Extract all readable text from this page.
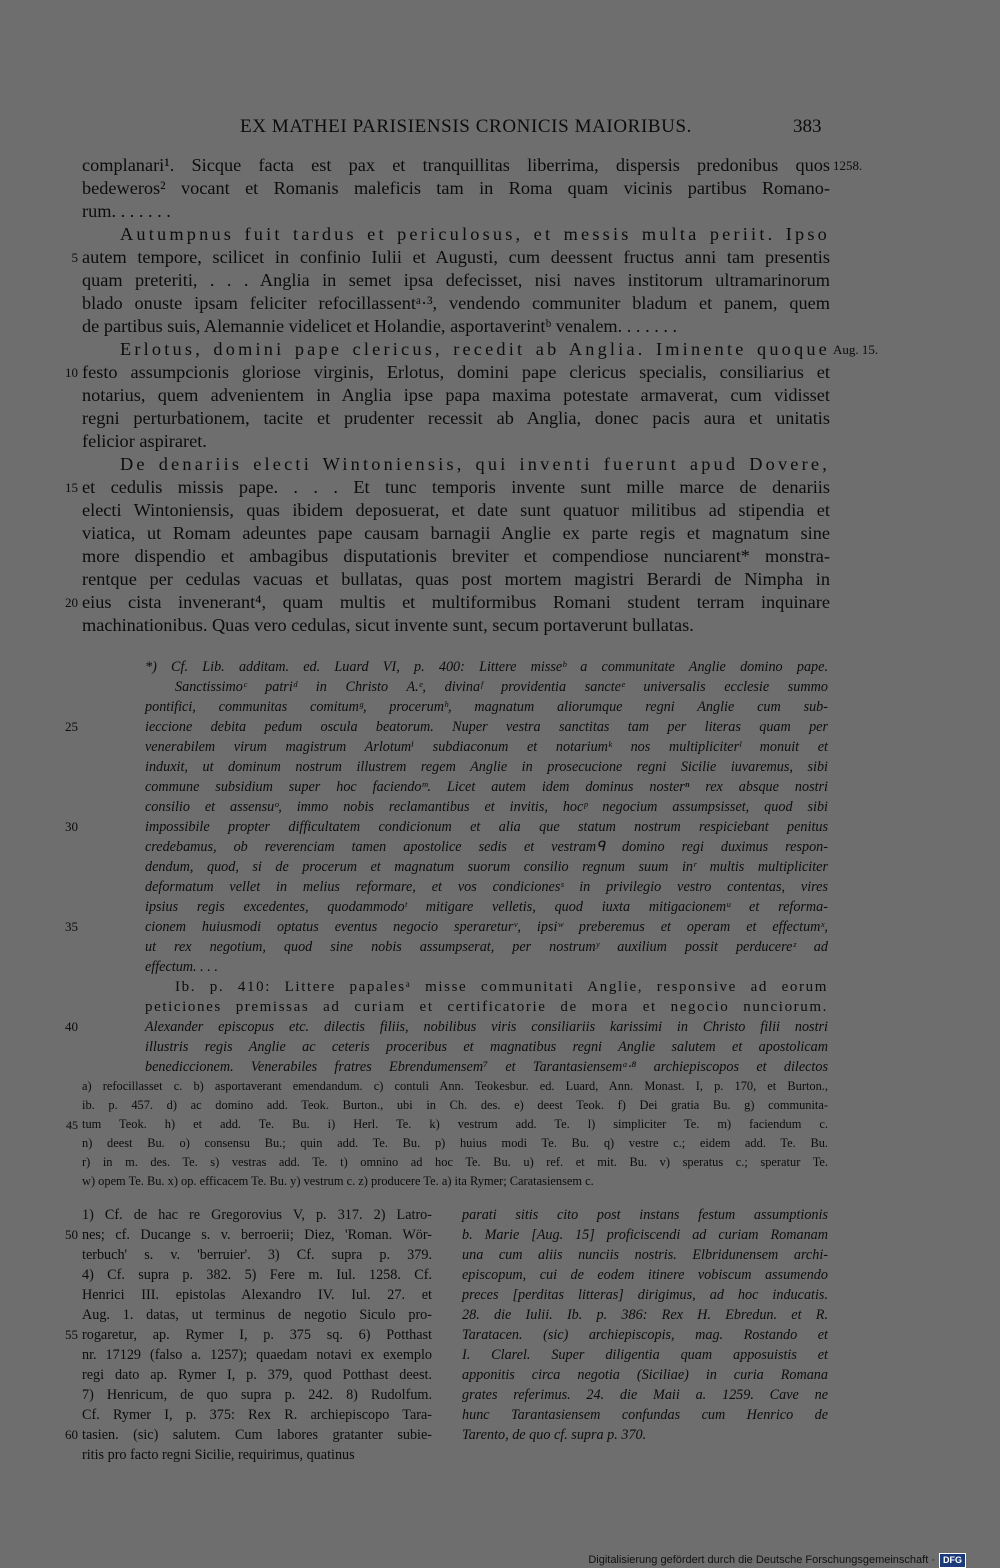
EX MATHEI PARISIENSIS CRONICIS MAIORIBUS.	383
complanari¹. Sicque facta est pax et tranquillitas liberrima, dispersis predonibus quos
bedeweros² vocant et Romanis maleficis tam in Roma quam vicinis partibus Romano-
rum. . . . . . .
Autumpnus fuit tardus et periculosus, et messis multa periit. Ipso
autem tempore, scilicet in confinio Iulii et Augusti, cum deessent fructus anni tam presentis
quam preteriti, . . . Anglia in semet ipsa defecisset, nisi naves institorum ultramarinorum
blado onuste ipsam feliciter refocillassentᵃ·³, vendendo communiter bladum et panem, quem
de partibus suis, Alemannie videlicet et Holandie, asportaverintᵇ venalem. . . . . . .
Erlotus, domini pape clericus, recedit ab Anglia. Iminente quoque
festo assumpcionis gloriose virginis, Erlotus, domini pape clericus specialis, consiliarius et
notarius, quem advenientem in Anglia ipse papa maxima potestate armaverat, cum vidisset
regni perturbationem, tacite et prudenter recessit ab Anglia, donec pacis aura et unitatis
felicior aspiraret.
De denariis electi Wintoniensis, qui inventi fuerunt apud Dovere,
et cedulis missis pape. . . . Et tunc temporis invente sunt mille marce de denariis
electi Wintoniensis, quas ibidem deposuerat, et date sunt quatuor militibus ad stipendia et
viatica, ut Romam adeuntes pape causam barnagii Anglie ex parte regis et magnatum sine
more dispendio et ambagibus disputationis breviter et compendiose nunciarent* monstra-
rentque per cedulas vacuas et bullatas, quas post mortem magistri Berardi de Nimpha in
eius cista invenerant⁴, quam multis et multiformibus Romani student terram inquinare
machinationibus. Quas vero cedulas, sicut invente sunt, secum portaverunt bullatas.
5
10
15
20
1258.
Aug. 15.
*) Cf. Lib. additam. ed. Luard VI, p. 400: Littere misseᵇ a communitate Anglie domino pape.
Sanctissimoᶜ patriᵈ in Christo A.ᵉ, divinaᶠ providentia sancteᵉ universalis ecclesie summo
pontifici, communitas comitumᵍ, procerumʰ, magnatum aliorumque regni Anglie cum sub-
ieccione debita pedum oscula beatorum. Nuper vestra sanctitas tam per literas quam per
venerabilem virum magistrum Arlotumⁱ subdiaconum et notariumᵏ nos multipliciterˡ monuit et
induxit, ut dominum nostrum illustrem regem Anglie in prosecucione regni Sicilie iuvaremus, sibi
commune subsidium super hoc faciendoᵐ. Licet autem idem dominus nosterⁿ rex absque nostri
consilio et assensuᵒ, immo nobis reclamantibus et invitis, hocᵖ negocium assumpsisset, quod sibi
impossibile propter difficultatem condicionum et alia que statum nostrum respiciebant penitus
credebamus, ob reverenciam tamen apostolice sedis et vestramᑫ domino regi duximus respon-
dendum, quod, si de procerum et magnatum suorum consilio regnum suum inʳ multis multipliciter
deformatum vellet in melius reformare, et vos condicionesˢ in privilegio vestro contentas, vires
ipsius regis excedentes, quodammodoᵗ mitigare velletis, quod iuxta mitigacionemᵘ et reforma-
cionem huiusmodi optatus eventus negocio sperareturᵛ, ipsiʷ preberemus et operam et effectumˣ,
ut rex negotium, quod sine nobis assumpserat, per nostrumʸ auxilium possit perducereᶻ ad
effectum. . . .
Ib. p. 410: Littere papalesᵃ misse communitati Anglie, responsive ad eorum
peticiones premissas ad curiam et certificatorie de mora et negocio nunciorum.
Alexander episcopus etc. dilectis filiis, nobilibus viris consiliariis karissimi in Christo filii nostri
illustris regis Anglie ac ceteris proceribus et magnatibus regni Anglie salutem et apostolicam
benediccionem. Venerabiles fratres Ebrendumensem⁷ et Tarantasiensemᵃ·⁸ archiepiscopos et dilectos
25
30
35
40
a) refocillasset c. b) asportaverant emendandum. c) contuli Ann. Teokesbur. ed. Luard, Ann. Monast. I, p. 170, et Burton.,
ib. p. 457. d) ac domino add. Teok. Burton., ubi in Ch. des. e) deest Teok. f) Dei gratia Bu. g) communita-
tum Teok. h) et add. Te. Bu. i) Herl. Te. k) vestrum add. Te. l) simpliciter Te. m) faciendum c.
n) deest Bu. o) consensu Bu.; quin add. Te. Bu. p) huius modi Te. Bu. q) vestre c.; eidem add. Te. Bu.
r) in m. des. Te. s) vestras add. Te. t) omnino ad hoc Te. Bu. u) ref. et mit. Bu. v) speratus c.; speratur Te.
w) opem Te. Bu. x) op. efficacem Te. Bu. y) vestrum c. z) producere Te. a) ita Rymer; Caratasiensem c.
45
1) Cf. de hac re Gregorovius V, p. 317. 2) Latro-
nes; cf. Ducange s. v. berroerii; Diez, 'Roman. Wör-
terbuch' s. v. 'berruier'. 3) Cf. supra p. 379.
4) Cf. supra p. 382. 5) Fere m. Iul. 1258. Cf.
Henrici III. epistolas Alexandro IV. Iul. 27. et
Aug. 1. datas, ut terminus de negotio Siculo pro-
rogaretur, ap. Rymer I, p. 375 sq. 6) Potthast
nr. 17129 (falso a. 1257); quaedam notavi ex exemplo
regi dato ap. Rymer I, p. 379, quod Potthast deest.
7) Henricum, de quo supra p. 242. 8) Rudolfum.
Cf. Rymer I, p. 375: Rex R. archiepiscopo Tara-
tasien. (sic) salutem. Cum labores gratanter subie-
ritis pro facto regni Sicilie, requirimus, quatinus
50
55
60
parati sitis cito post instans festum assumptionis
b. Marie [Aug. 15] proficiscendi ad curiam Romanam
una cum aliis nunciis nostris. Elbridunensem archi-
episcopum, cui de eodem itinere vobiscum assumendo
preces [perditas litteras] dirigimus, ad hoc inducatis.
28. die Iulii. Ib. p. 386: Rex H. Ebredun. et R.
Taratacen. (sic) archiepiscopis, mag. Rostando et
I. Clarel. Super diligentia quam apposuistis et
apponitis circa negotia (Siciliae) in curia Romana
grates referimus. 24. die Maii a. 1259. Cave ne
hunc Tarantasiensem confundas cum Henrico de
Tarento, de quo cf. supra p. 370.
Digitalisierung gefördert durch die Deutsche Forschungsgemeinschaft · DFG
